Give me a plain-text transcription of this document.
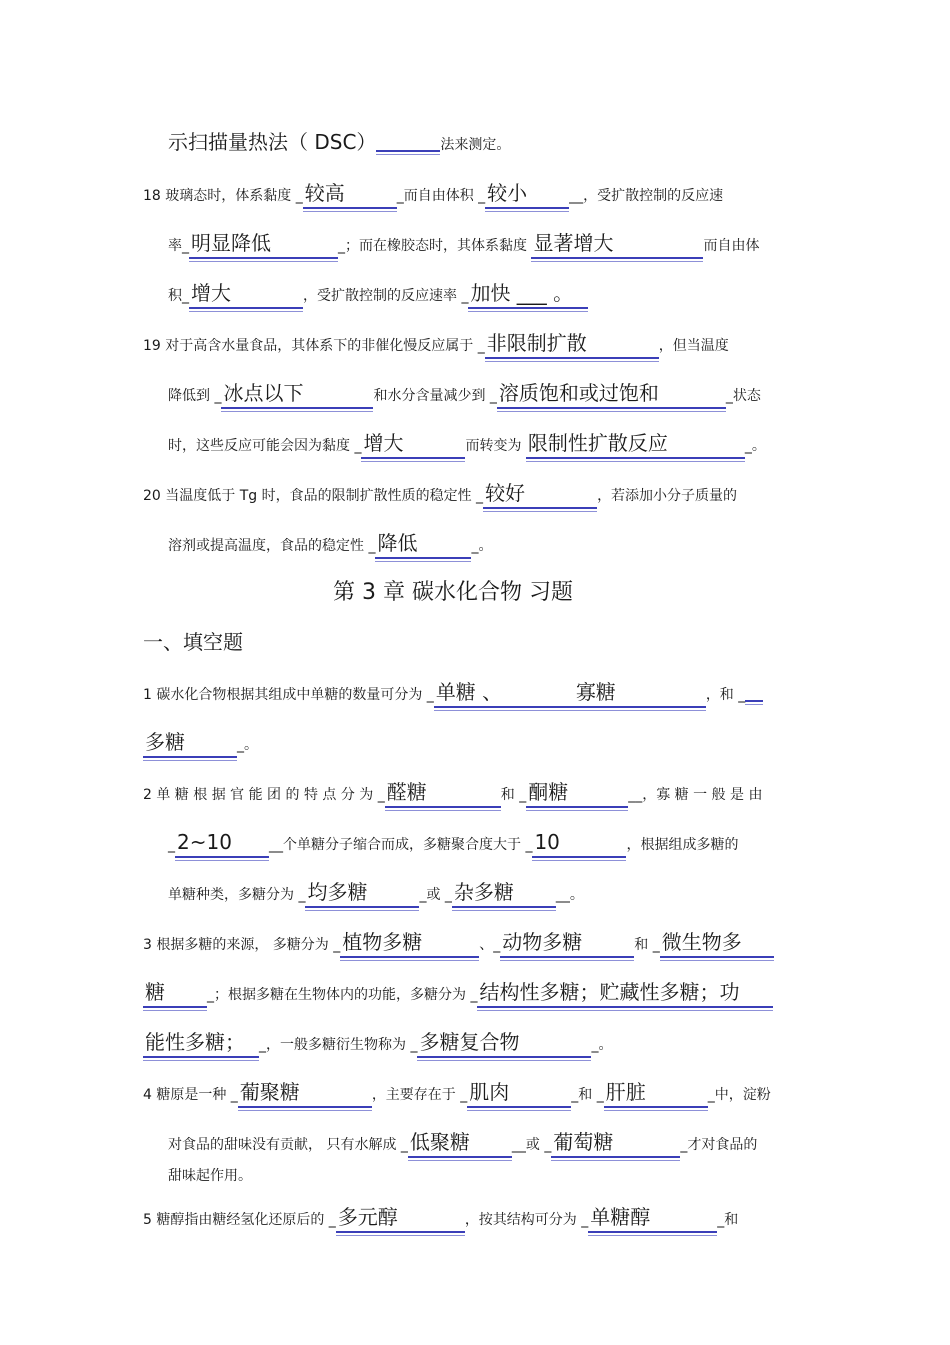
示扫描量热法（ DSC）	法来测定。
18 玻璃态时，体系黏度 _ 较高	_而自由体积 _ 较小	__，受扩散控制的反应速
率_ 明显降低	_；而在橡胶态时，其体系黏度 显著增大	而自由体
积_ 增大	，受扩散控制的反应速率 _ 加快 ___ 。
19 对于高含水量食品，其体系下的非催化慢反应属于 _ 非限制扩散	，但当温度
降低到 _ 冰点以下	和水分含量减少到 _ 溶质饱和或过饱和	_状态
时，这些反应可能会因为黏度 _ 增大	而转变为 限制性扩散反应	_。
20 当温度低于 Tg 时，食品的限制扩散性质的稳定性 _ 较好	，若添加小分子质量的
溶剂或提高温度，食品的稳定性 _ 降低	_。
1 碳水化合物根据其组成中单糖的数量可分为 _ 单糖 、	寡糖	，和 _
多糖	_。
2 单 糖 根 据 官 能 团 的 特 点 分 为 _ 醛糖	和 _ 酮糖	__，寡 糖 一 般 是 由
_ 2~10	__个单糖分子缩合而成，多糖聚合度大于 _ 10	，根据组成多糖的
单糖种类，多糖分为 _ 均多糖	_或 _ 杂多糖	__。
3 根据多糖的来源， 多糖分为 _ 植物多糖	、_ 动物多糖	和 _ 微生物多
糖	_；根据多糖在生物体内的功能，多糖分为 _ 结构性多糖；贮藏性多糖；功
能性多糖； _，一般多糖衍生物称为 _ 多糖复合物	_。
4 糖原是一种 _ 葡聚糖	，主要存在于 _ 肌肉	_和 _ 肝脏	_中，淀粉
对食品的甜味没有贡献， 只有水解成 _ 低聚糖	__或 _ 葡萄糖	_才对食品的
甜味起作用。
5 糖醇指由糖经氢化还原后的 _ 多元醇	，按其结构可分为 _ 单糖醇	_和
第 3 章 碳水化合物 习题
一、填空题
